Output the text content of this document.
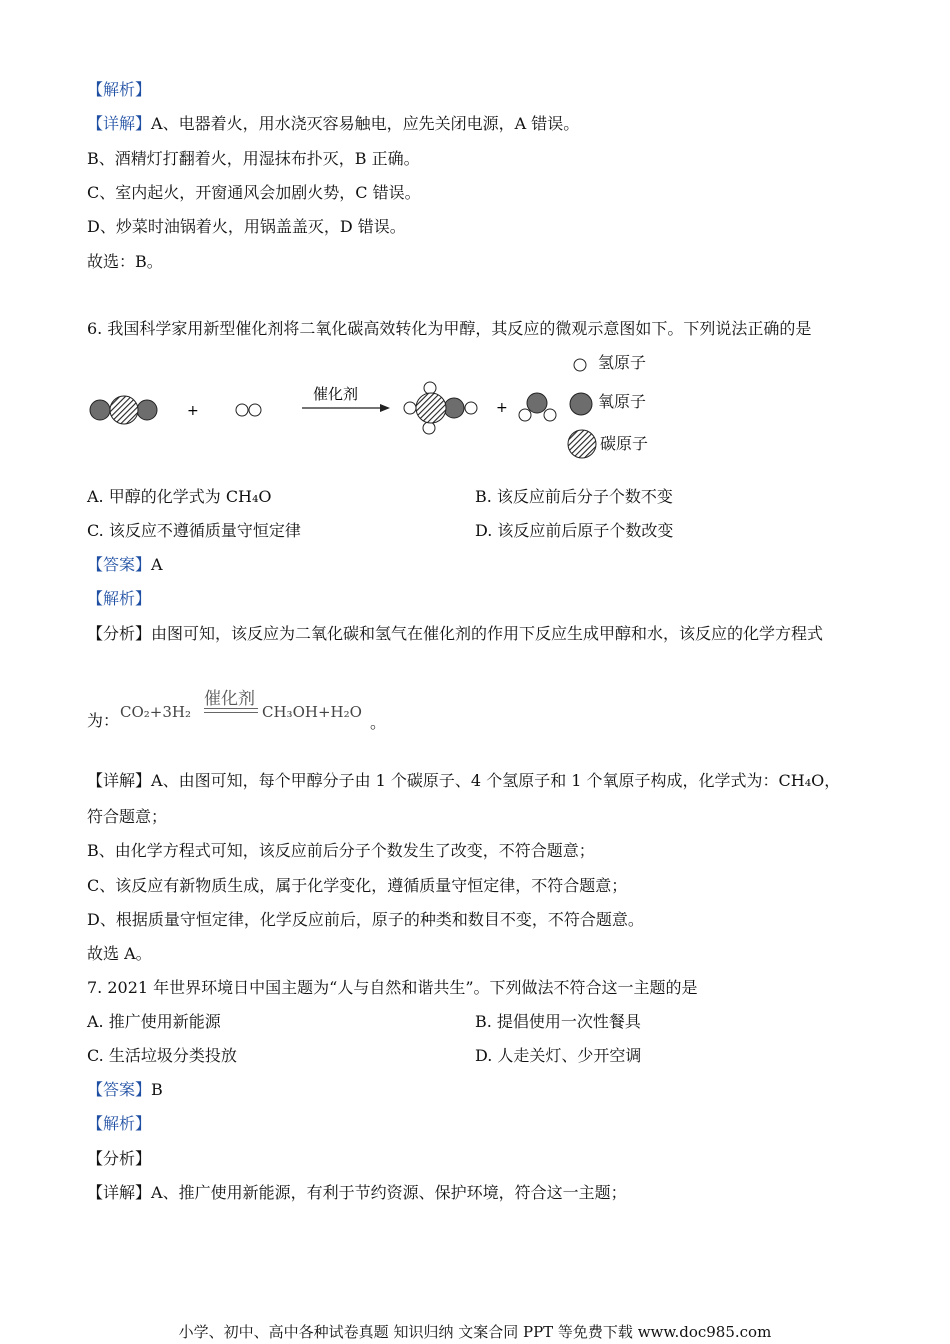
【解析】
【详解】A、电器着火，用水浇灭容易触电，应先关闭电源，A 错误。
B、酒精灯打翻着火，用湿抹布扑灭，B 正确。
C、室内起火，开窗通风会加剧火势，C 错误。
D、炒菜时油锅着火，用锅盖盖灭，D 错误。
故选：B。
6. 我国科学家用新型催化剂将二氧化碳高效转化为甲醇，其反应的微观示意图如下。下列说法正确的是
+
催化剂
+
氢原子
氧原子
碳原子
A. 甲醇的化学式为 CH₄O	B. 该反应前后分子个数不变
C. 该反应不遵循质量守恒定律	D. 该反应前后原子个数改变
【答案】A
【解析】
【分析】由图可知，该反应为二氧化碳和氢气在催化剂的作用下反应生成甲醇和水，该反应的化学方程式
为：
催化剂
CO₂+3H₂	CH₃OH+H₂O
。
【详解】A、由图可知，每个甲醇分子由 1 个碳原子、4 个氢原子和 1 个氧原子构成，化学式为：CH₄O，
符合题意；
B、由化学方程式可知，该反应前后分子个数发生了改变，不符合题意；
C、该反应有新物质生成，属于化学变化，遵循质量守恒定律，不符合题意；
D、根据质量守恒定律，化学反应前后，原子的种类和数目不变，不符合题意。
故选 A。
7. 2021 年世界环境日中国主题为“人与自然和谐共生”。下列做法不符合这一主题的是
A. 推广使用新能源	B. 提倡使用一次性餐具
C. 生活垃圾分类投放	D. 人走关灯、少开空调
【答案】B
【解析】
【分析】
【详解】A、推广使用新能源，有利于节约资源、保护环境，符合这一主题；
小学、初中、高中各种试卷真题 知识归纳 文案合同 PPT 等免费下载 www.doc985.com
